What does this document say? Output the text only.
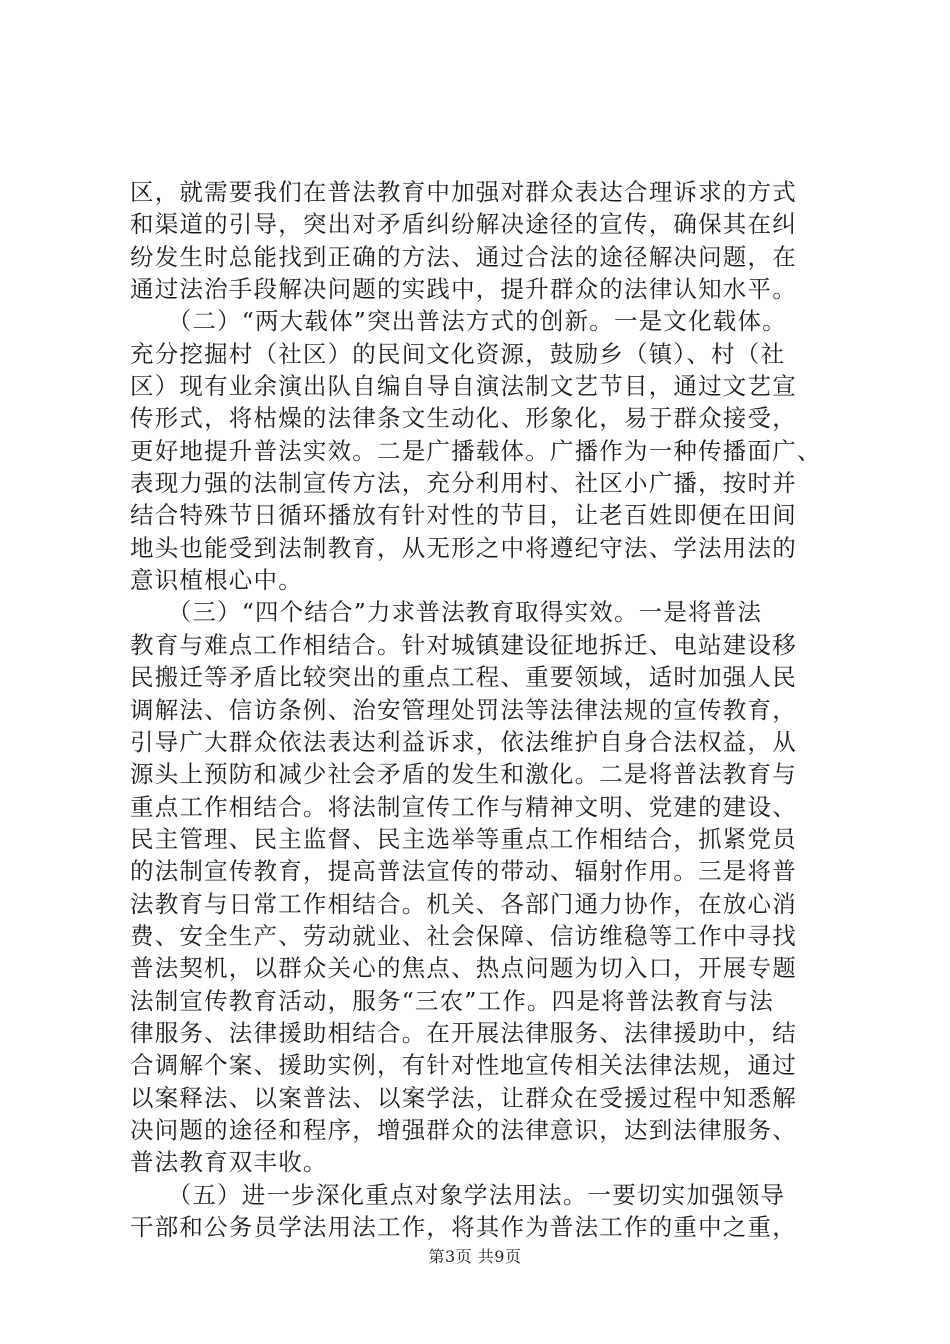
区，就需要我们在普法教育中加强对群众表达合理诉求的方式
和渠道的引导，突出对矛盾纠纷解决途径的宣传，确保其在纠
纷发生时总能找到正确的方法、通过合法的途径解决问题，在
通过法治手段解决问题的实践中，提升群众的法律认知水平。
　　（二）“两大载体”突出普法方式的创新。一是文化载体。
充分挖掘村（社区）的民间文化资源，鼓励乡（镇）、村（社
区）现有业余演出队自编自导自演法制文艺节目，通过文艺宣
传形式，将枯燥的法律条文生动化、形象化，易于群众接受，
更好地提升普法实效。二是广播载体。广播作为一种传播面广、
表现力强的法制宣传方法，充分利用村、社区小广播，按时并
结合特殊节日循环播放有针对性的节目，让老百姓即便在田间
地头也能受到法制教育，从无形之中将遵纪守法、学法用法的
意识植根心中。
　　（三）“四个结合”力求普法教育取得实效。一是将普法
教育与难点工作相结合。针对城镇建设征地拆迁、电站建设移
民搬迁等矛盾比较突出的重点工程、重要领域，适时加强人民
调解法、信访条例、治安管理处罚法等法律法规的宣传教育，
引导广大群众依法表达利益诉求，依法维护自身合法权益，从
源头上预防和减少社会矛盾的发生和激化。二是将普法教育与
重点工作相结合。将法制宣传工作与精神文明、党建的建设、
民主管理、民主监督、民主选举等重点工作相结合，抓紧党员
的法制宣传教育，提高普法宣传的带动、辐射作用。三是将普
法教育与日常工作相结合。机关、各部门通力协作，在放心消
费、安全生产、劳动就业、社会保障、信访维稳等工作中寻找
普法契机，以群众关心的焦点、热点问题为切入口，开展专题
法制宣传教育活动，服务“三农”工作。四是将普法教育与法
律服务、法律援助相结合。在开展法律服务、法律援助中，结
合调解个案、援助实例，有针对性地宣传相关法律法规，通过
以案释法、以案普法、以案学法，让群众在受援过程中知悉解
决问题的途径和程序，增强群众的法律意识，达到法律服务、
普法教育双丰收。
　　（五）进一步深化重点对象学法用法。一要切实加强领导
干部和公务员学法用法工作，将其作为普法工作的重中之重，
第3页 共9页
